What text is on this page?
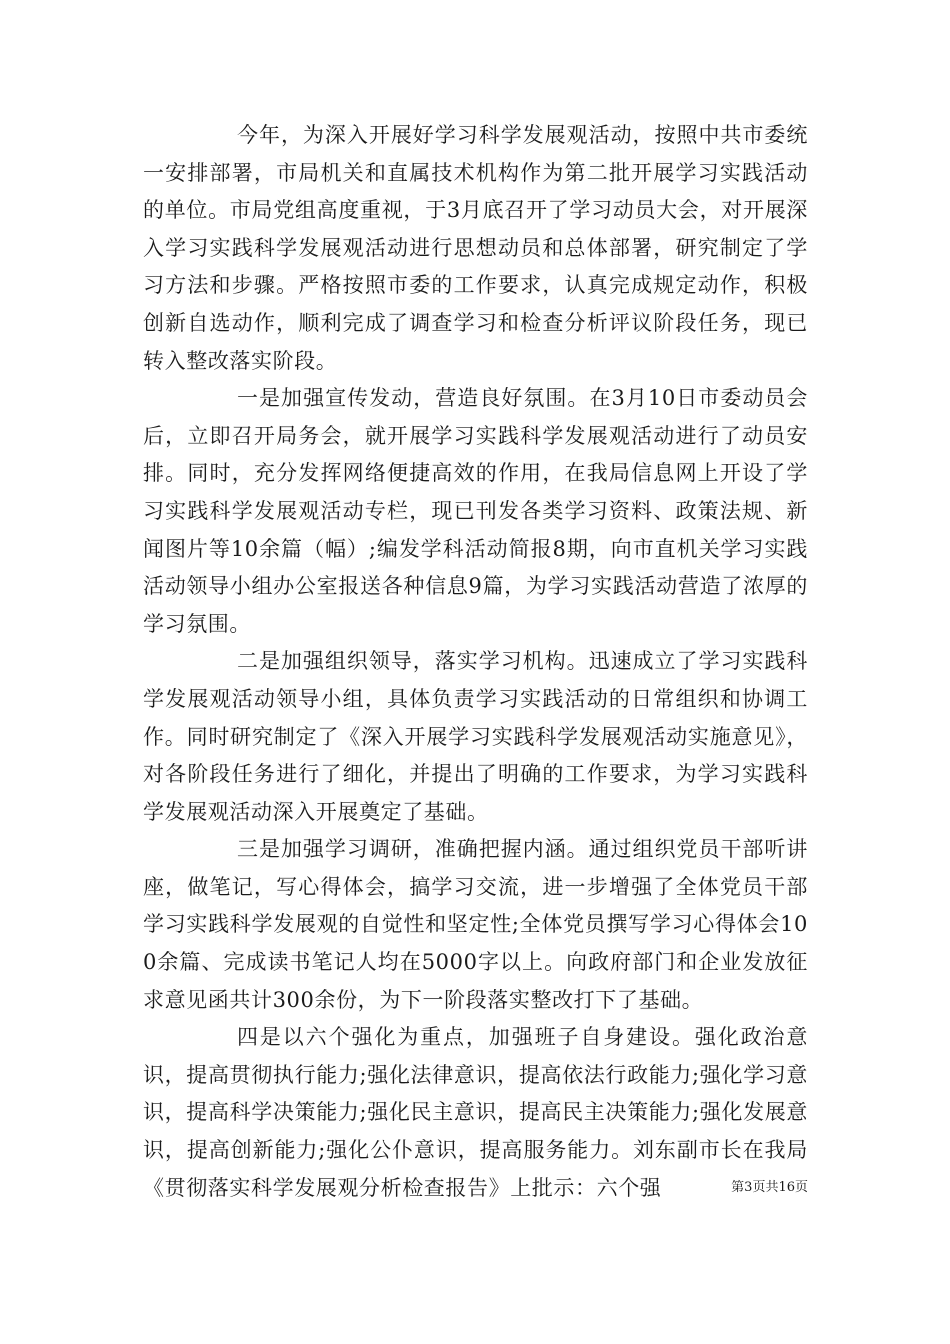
今年，为深入开展好学习科学发展观活动，按照中共市委统一安排部署，市局机关和直属技术机构作为第二批开展学习实践活动的单位。市局党组高度重视，于3月底召开了学习动员大会，对开展深入学习实践科学发展观活动进行思想动员和总体部署，研究制定了学习方法和步骤。严格按照市委的工作要求，认真完成规定动作，积极创新自选动作，顺利完成了调查学习和检查分析评议阶段任务，现已转入整改落实阶段。

一是加强宣传发动，营造良好氛围。在3月10日市委动员会后，立即召开局务会，就开展学习实践科学发展观活动进行了动员安排。同时，充分发挥网络便捷高效的作用，在我局信息网上开设了学习实践科学发展观活动专栏，现已刊发各类学习资料、政策法规、新闻图片等10余篇（幅）;编发学科活动简报8期，向市直机关学习实践活动领导小组办公室报送各种信息9篇，为学习实践活动营造了浓厚的学习氛围。

二是加强组织领导，落实学习机构。迅速成立了学习实践科学发展观活动领导小组，具体负责学习实践活动的日常组织和协调工作。同时研究制定了《深入开展学习实践科学发展观活动实施意见》，对各阶段任务进行了细化，并提出了明确的工作要求，为学习实践科学发展观活动深入开展奠定了基础。

三是加强学习调研，准确把握内涵。通过组织党员干部听讲座，做笔记，写心得体会，搞学习交流，进一步增强了全体党员干部学习实践科学发展观的自觉性和坚定性;全体党员撰写学习心得体会100余篇、完成读书笔记人均在5000字以上。向政府部门和企业发放征求意见函共计300余份，为下一阶段落实整改打下了基础。

四是以六个强化为重点，加强班子自身建设。强化政治意识，提高贯彻执行能力;强化法律意识，提高依法行政能力;强化学习意识，提高科学决策能力;强化民主意识，提高民主决策能力;强化发展意识，提高创新能力;强化公仆意识，提高服务能力。刘东副市长在我局《贯彻落实科学发展观分析检查报告》上批示：六个强	第3页共16页
